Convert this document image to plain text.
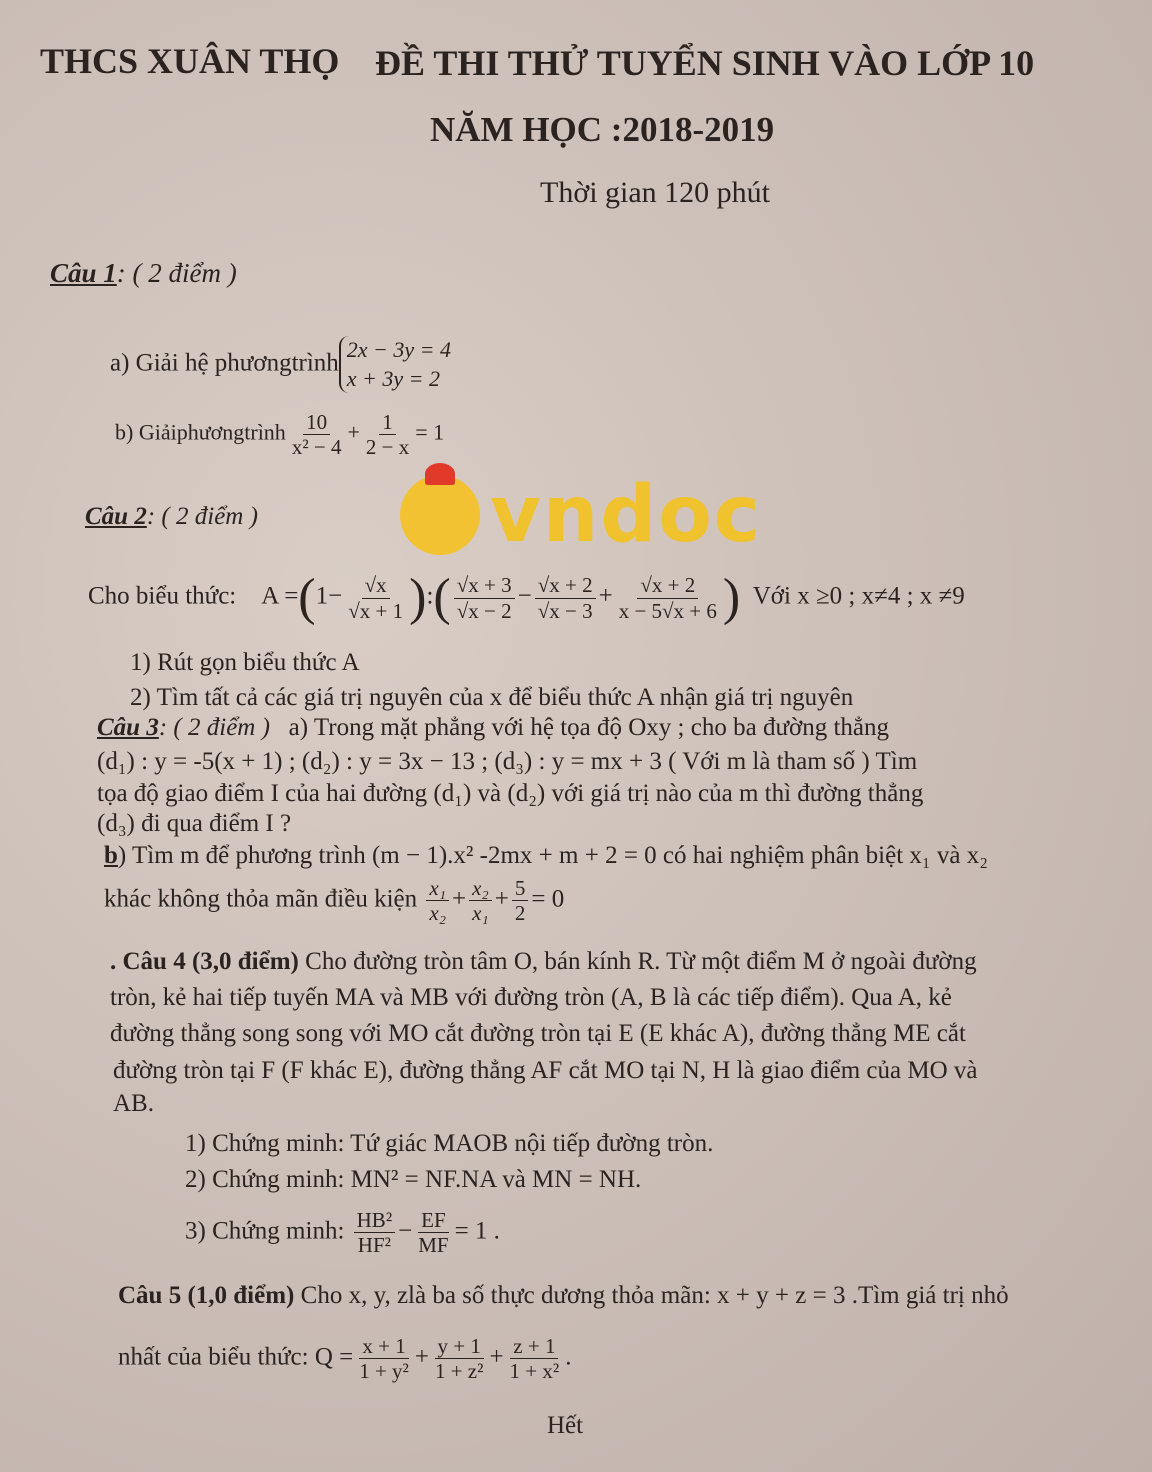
THCS XUÂN THỌ ĐỀ THI THỬ TUYỂN SINH VÀO LỚP 10
NĂM HỌC :2018-2019
Thời gian 120 phút
Câu 1: ( 2 điểm )
a) Giải hệ phươngtrình 2x − 3y = 4
x + 3y = 2
b) Giảiphươngtrình $\frac{10}{\text{x² − 4}} + \frac{1}{2 - x} = 1$
vndoc
Câu 2: ( 2 điểm )
Cho biểu thức: $A =(1- \frac{√x}{√x + 1}$ ):( $\frac{√x + 3}{√x - 2} - \frac{√x + 2}{√x - 3} + \frac{√x + 2}{x - 5√x + 6}$ ) Với x ≥0 ; x≠4 ; x ≠9
1) Rút gọn biểu thức A
2) Tìm tất cả các giá trị nguyên của x để biểu thức A nhận giá trị nguyên
Câu 3: ( 2 điểm ) a) Trong mặt phẳng với hệ tọa độ Oxy ; cho ba đường thẳng
(d₁) : y = -5(x + 1) ; (d₂) : y = 3x − 13 ; (d₃) : y = mx + 3 ( Với m là tham số ) Tìm
tọa độ giao điểm I của hai đường (d₁) và (d₂) với giá trị nào của m thì đường thẳng
(d₃) đi qua điểm I ?
b) Tìm m để phương trình (m − 1).x² -2mx + m + 2 = 0 có hai nghiệm phân biệt x₁ và x₂
khác không thỏa mãn điều kiện $\frac{\text{x₁}}{\text{x₂}} + \frac{\text{x₂}}{\text{x₁}} + \frac{5}{2} = 0$
. Câu 4 (3,0 điểm) Cho đường tròn tâm O, bán kính R. Từ một điểm M ở ngoài đường
tròn, kẻ hai tiếp tuyến MA và MB với đường tròn (A, B là các tiếp điểm). Qua A, kẻ
đường thẳng song song với MO cắt đường tròn tại E (E khác A), đường thẳng ME cắt
đường tròn tại F (F khác E), đường thẳng AF cắt MO tại N, H là giao điểm của MO và
AB.
1) Chứng minh: Tứ giác MAOB nội tiếp đường tròn.
2) Chứng minh: MN² = NF.NA và MN = NH.
3) Chứng minh: $\frac{\text{HB²}}{\text{HF²}} - \frac{EF}{MF} = 1$ .
Câu 5 (1,0 điểm) Cho x, y, zlà ba số thực dương thỏa mãn: x + y + z = 3 .Tìm giá trị nhỏ
nhất của biểu thức: $Q = \frac{x + 1}{\text{1 + y²}} + \frac{y + 1}{\text{1 + z²}} + \frac{z + 1}{\text{1 + x²}}$ .
Hết
